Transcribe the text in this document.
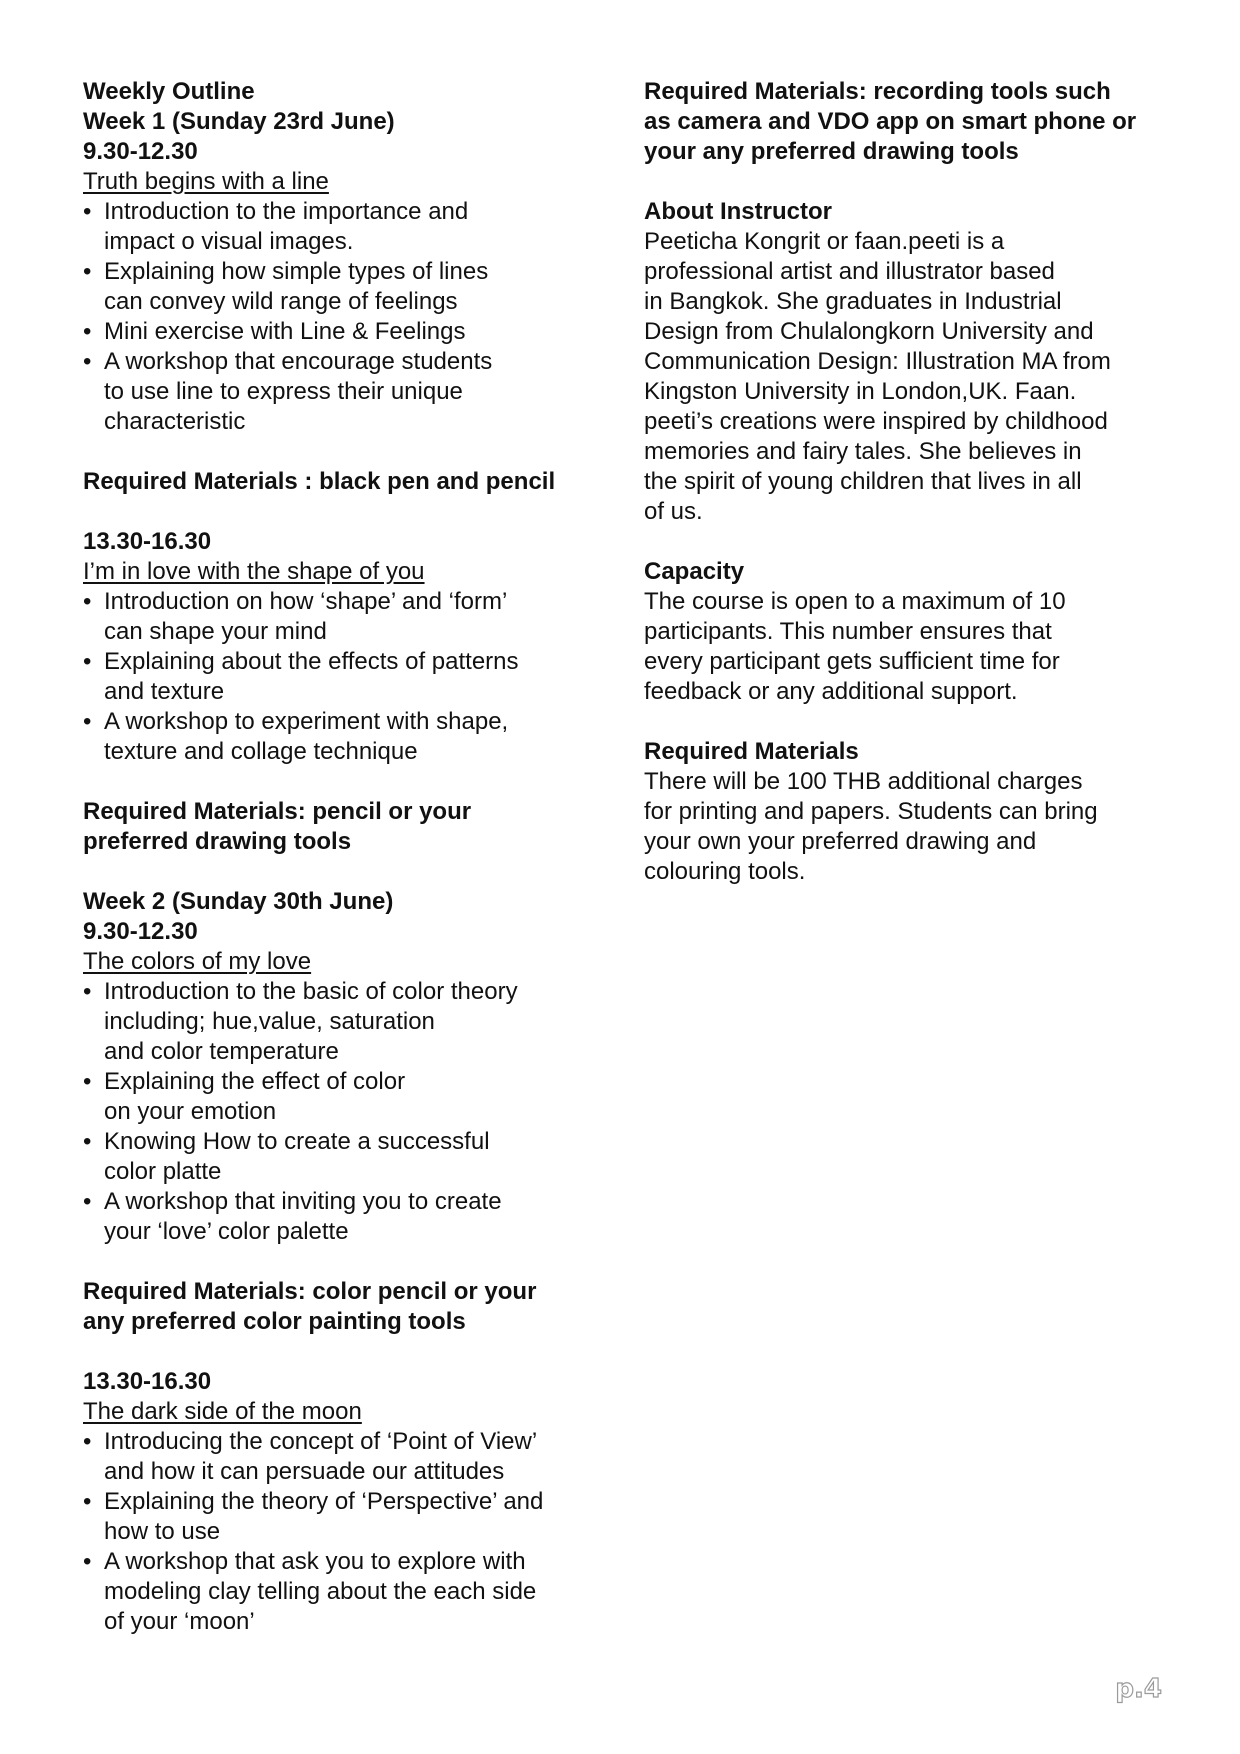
Weekly Outline
Week 1 (Sunday 23rd June)
9.30-12.30
Truth begins with a line
• Introduction to the importance and
impact o visual images.
• Explaining how simple types of lines
can convey wild range of feelings
• Mini exercise with Line & Feelings
• A workshop that encourage students
to use line to express their unique
characteristic
Required Materials : black pen and pencil
13.30-16.30
I’m in love with the shape of you
• Introduction on how ‘shape’ and ‘form’
can shape your mind
• Explaining about the effects of patterns
and texture
• A workshop to experiment with shape,
texture and collage technique
Required Materials: pencil or your
preferred drawing tools
Week 2 (Sunday 30th June)
9.30-12.30
The colors of my love
• Introduction to the basic of color theory
including; hue,value, saturation
and color temperature
• Explaining the effect of color
on your emotion
• Knowing How to create a successful
color platte
• A workshop that inviting you to create
your ‘love’ color palette
Required Materials: color pencil or your
any preferred color painting tools
13.30-16.30
The dark side of the moon
• Introducing the concept of ‘Point of View’
and how it can persuade our attitudes
• Explaining the theory of ‘Perspective’ and
how to use
• A workshop that ask you to explore with
modeling clay telling about the each side
of your ‘moon’
Required Materials: recording tools such
as camera and VDO app on smart phone or
your any preferred drawing tools
About Instructor
Peeticha Kongrit or faan.peeti is a
professional artist and illustrator based
in Bangkok. She graduates in Industrial
Design from Chulalongkorn University and
Communication Design: Illustration MA from
Kingston University in London,UK. Faan.
peeti’s creations were inspired by childhood
memories and fairy tales. She believes in
the spirit of young children that lives in all
of us.
Capacity
The course is open to a maximum of 10
participants. This number ensures that
every participant gets sufficient time for
feedback or any additional support.
Required Materials
There will be 100 THB additional charges
for printing and papers. Students can bring
your own your preferred drawing and
colouring tools.
p.4
